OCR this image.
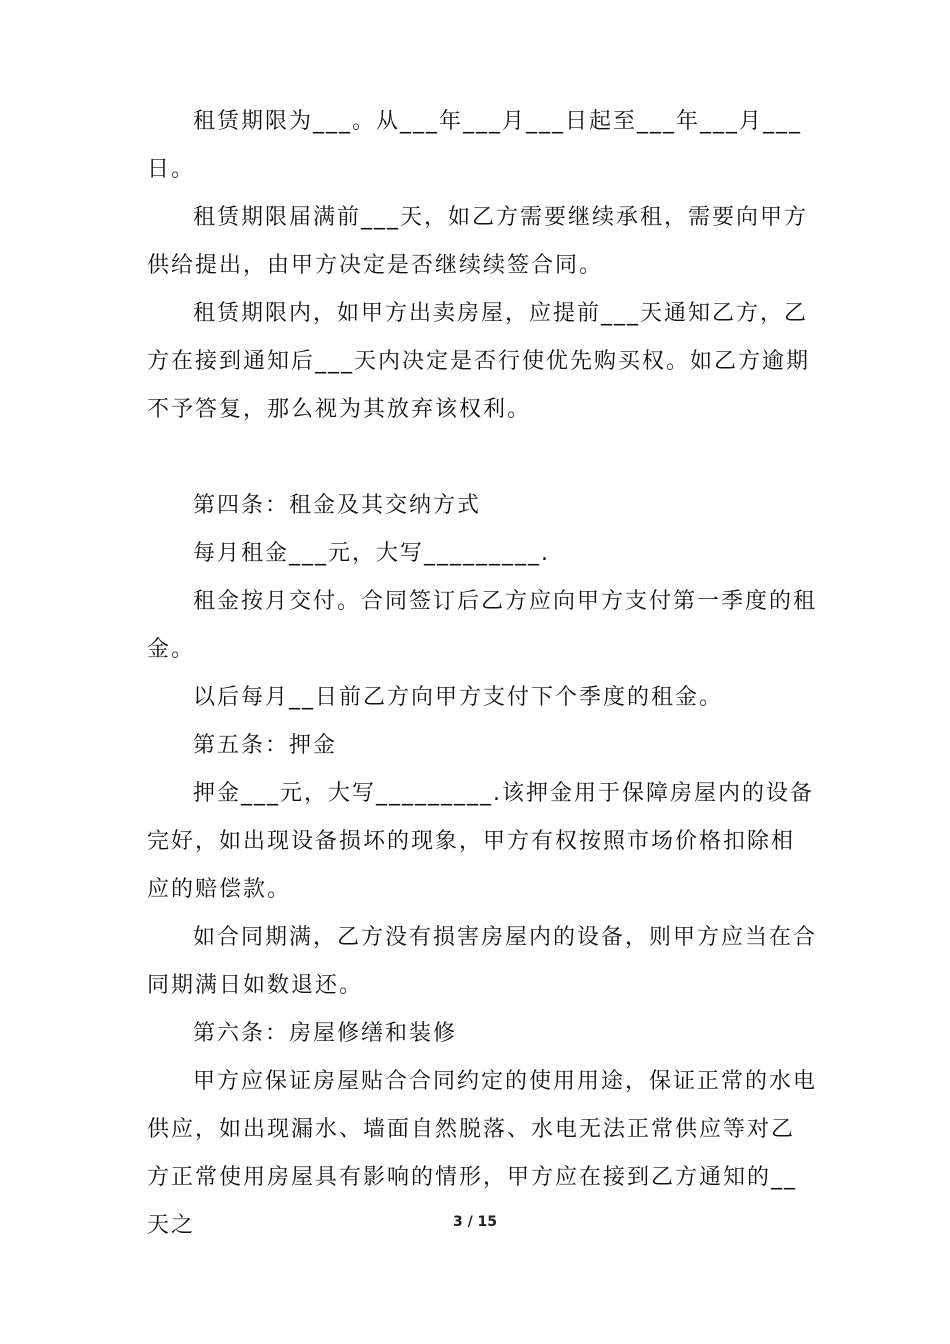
租赁期限为___。从___年___月___日起至___年___月___日。

租赁期限届满前___天，如乙方需要继续承租，需要向甲方供给提出，由甲方决定是否继续续签合同。

租赁期限内，如甲方出卖房屋，应提前___天通知乙方，乙方在接到通知后___天内决定是否行使优先购买权。如乙方逾期不予答复，那么视为其放弃该权利。

第四条：租金及其交纳方式

每月租金___元，大写_________.

租金按月交付。合同签订后乙方应向甲方支付第一季度的租金。

以后每月__日前乙方向甲方支付下个季度的租金。

第五条：押金

押金___元，大写_________.该押金用于保障房屋内的设备完好，如出现设备损坏的现象，甲方有权按照市场价格扣除相应的赔偿款。

如合同期满，乙方没有损害房屋内的设备，则甲方应当在合同期满日如数退还。

第六条：房屋修缮和装修

甲方应保证房屋贴合合同约定的使用用途，保证正常的水电供应，如出现漏水、墙面自然脱落、水电无法正常供应等对乙方正常使用房屋具有影响的情形，甲方应在接到乙方通知的__天之	3 / 15
